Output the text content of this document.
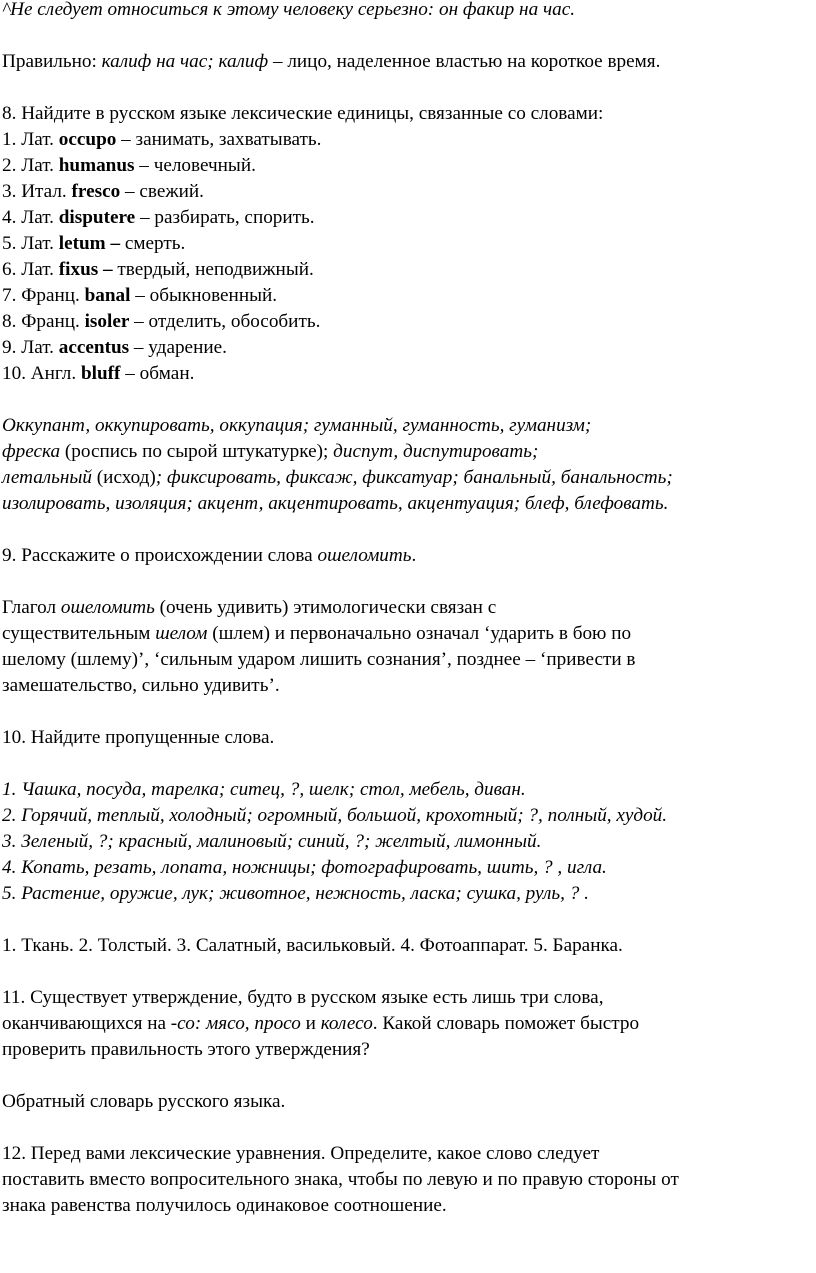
^Не следует относиться к этому человеку серьезно: он факир на час.
Правильно: калиф на час; калиф – лицо, наделенное властью на короткое время.
8. Найдите в русском языке лексические единицы, связанные со словами:
1. Лат. occupo – занимать, захватывать.
2. Лат. humanus – человечный.
3. Итал. fresco – свежий.
4. Лат. disputere – разбирать, спорить.
5. Лат. letum – смерть.
6. Лат. fixus – твердый, неподвижный.
7. Франц. banal – обыкновенный.
8. Франц. isoler – отделить, обособить.
9. Лат. accentus – ударение.
10. Англ. bluff – обман.
Оккупант, оккупировать, оккупация; гуманный, гуманность, гуманизм;
фреска (роспись по сырой штукатурке); диспут, диспутировать;
летальный (исход); фиксировать, фиксаж, фиксатуар; банальный, банальность;
изолировать, изоляция; акцент, акцентировать, акцентуация; блеф, блефовать.
9. Расскажите о происхождении слова ошеломить.
Глагол ошеломить (очень удивить) этимологически связан с
существительным шелом (шлем) и первоначально означал ‘ударить в бою по
шеломy (шлему)’, ‘сильным ударом лишить сознания’, позднее – ‘привести в
замешательство, сильно удивить’.
10. Найдите пропущенные слова.
1. Чашка, посуда, тарелка; ситец, ?, шелк; стол, мебель, диван.
2. Горячий, теплый, холодный; огромный, большой, крохотный; ?, полный, худой.
3. Зеленый, ?; красный, малиновый; синий, ?; желтый, лимонный.
4. Копать, резать, лопата, ножницы; фотографировать, шить, ? , игла.
5. Растение, оружие, лук; животное, нежность, ласка; сушка, руль, ? .
1. Ткань. 2. Толстый. 3. Салатный, васильковый. 4. Фотоаппарат. 5. Баранка.
11. Существует утверждение, будто в русском языке есть лишь три слова,
оканчивающихся на -со: мясо, просо и колесо. Какой словарь поможет быстро
проверить правильность этого утверждения?
Обратный словарь русского языка.
12. Перед вами лексические уравнения. Определите, какое слово следует
поставить вместо вопросительного знака, чтобы по левую и по правую стороны от
знака равенства получилось одинаковое соотношение.
